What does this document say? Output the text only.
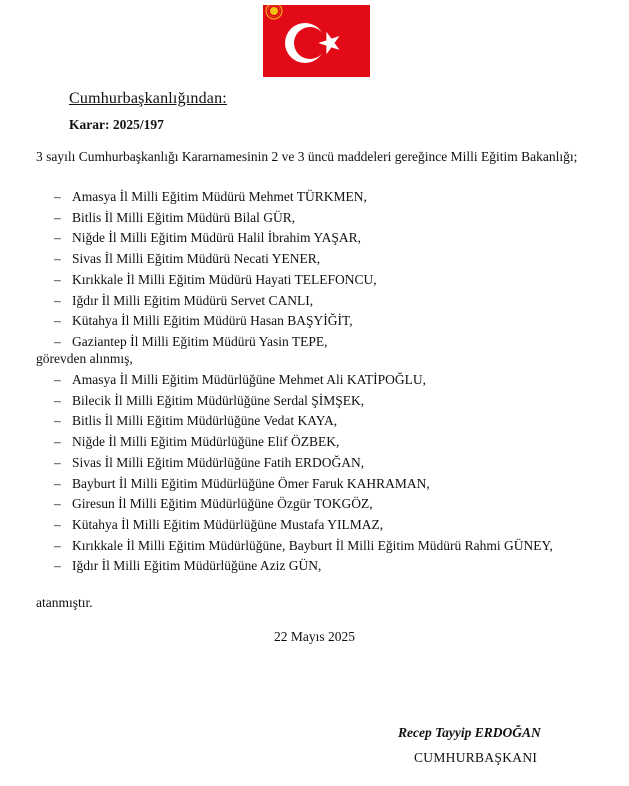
Cumhurbaşkanlığından:
Karar: 2025/197
3 sayılı Cumhurbaşkanlığı Kararnamesinin 2 ve 3 üncü maddeleri gereğince Milli Eğitim Bakanlığı;
– Amasya İl Milli Eğitim Müdürü Mehmet TÜRKMEN,
– Bitlis İl Milli Eğitim Müdürü Bilal GÜR,
– Niğde İl Milli Eğitim Müdürü Halil İbrahim YAŞAR,
– Sivas İl Milli Eğitim Müdürü Necati YENER,
– Kırıkkale İl Milli Eğitim Müdürü Hayati TELEFONCU,
– Iğdır İl Milli Eğitim Müdürü Servet CANLI,
– Kütahya İl Milli Eğitim Müdürü Hasan BAŞYİĞİT,
– Gaziantep İl Milli Eğitim Müdürü Yasin TEPE,
görevden alınmış,
– Amasya İl Milli Eğitim Müdürlüğüne Mehmet Ali KATİPOĞLU,
– Bilecik İl Milli Eğitim Müdürlüğüne Serdal ŞİMŞEK,
– Bitlis İl Milli Eğitim Müdürlüğüne Vedat KAYA,
– Niğde İl Milli Eğitim Müdürlüğüne Elif ÖZBEK,
– Sivas İl Milli Eğitim Müdürlüğüne Fatih ERDOĞAN,
– Bayburt İl Milli Eğitim Müdürlüğüne Ömer Faruk KAHRAMAN,
– Giresun İl Milli Eğitim Müdürlüğüne Özgür TOKGÖZ,
– Kütahya İl Milli Eğitim Müdürlüğüne Mustafa YILMAZ,
– Kırıkkale İl Milli Eğitim Müdürlüğüne, Bayburt İl Milli Eğitim Müdürü Rahmi GÜNEY,
– Iğdır İl Milli Eğitim Müdürlüğüne Aziz GÜN,
atanmıştır.
22 Mayıs 2025
Recep Tayyip ERDOĞAN
CUMHURBAŞKANI
